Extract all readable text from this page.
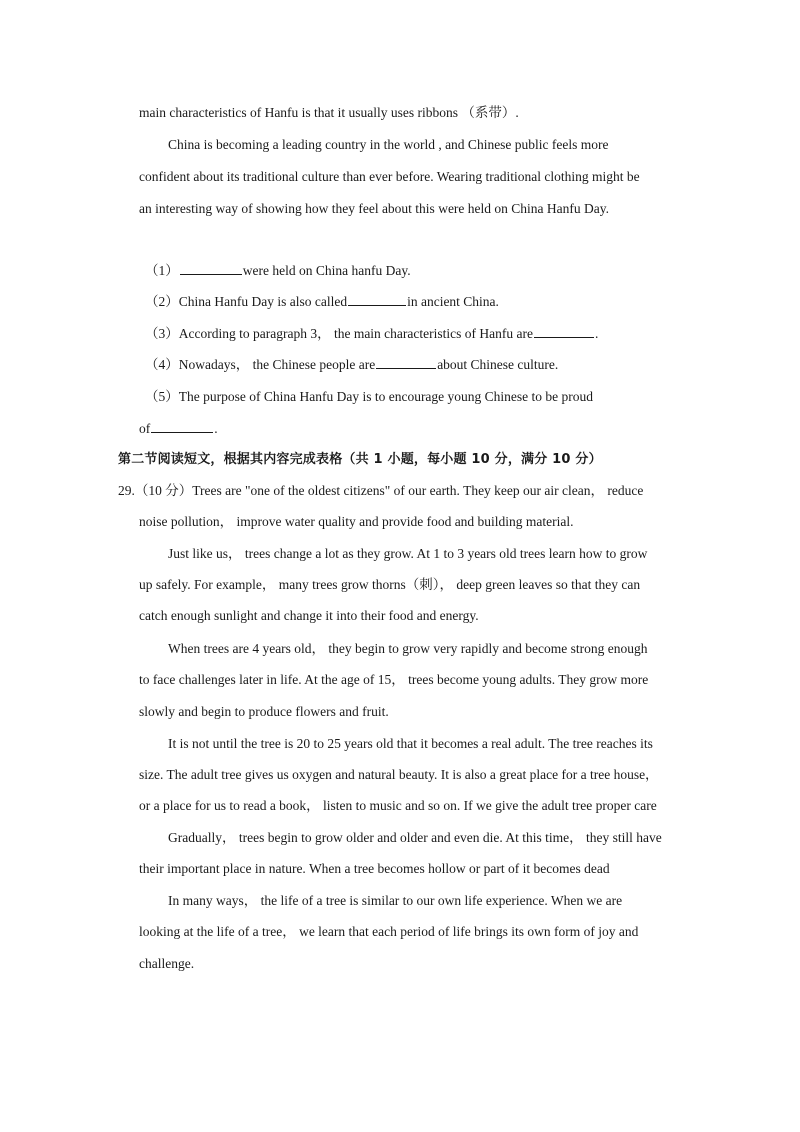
main characteristics of Hanfu is that it usually uses ribbons （系带）.
China is becoming a leading country in the world , and Chinese public feels more
confident about its traditional culture than ever before. Wearing traditional clothing might be
an interesting way of showing how they feel about this were held on China Hanfu Day.
（1）	were held on China hanfu Day.
（2）China Hanfu Day is also called	in ancient China.
（3）According to paragraph 3， the main characteristics of Hanfu are	.
（4）Nowadays， the Chinese people are	about Chinese culture.
（5）The purpose of China Hanfu Day is to encourage young Chinese to be proud
of	.
第二节阅读短文，根据其内容完成表格（共 1 小题，每小题 10 分，满分 10 分）
29.（10 分）Trees are "one of the oldest citizens" of our earth. They keep our air clean， reduce
noise pollution， improve water quality and provide food and building material.
Just like us， trees change a lot as they grow. At 1 to 3 years old trees learn how to grow
up safely. For example， many trees grow thorns（刺）， deep green leaves so that they can
catch enough sunlight and change it into their food and energy.
When trees are 4 years old， they begin to grow very rapidly and become strong enough
to face challenges later in life. At the age of 15， trees become young adults. They grow more
slowly and begin to produce flowers and fruit.
It is not until the tree is 20 to 25 years old that it becomes a real adult. The tree reaches its
size. The adult tree gives us oxygen and natural beauty. It is also a great place for a tree house，
or a place for us to read a book， listen to music and so on. If we give the adult tree proper care
Gradually， trees begin to grow older and older and even die. At this time， they still have
their important place in nature. When a tree becomes hollow or part of it becomes dead
In many ways， the life of a tree is similar to our own life experience. When we are
looking at the life of a tree， we learn that each period of life brings its own form of joy and
challenge.
